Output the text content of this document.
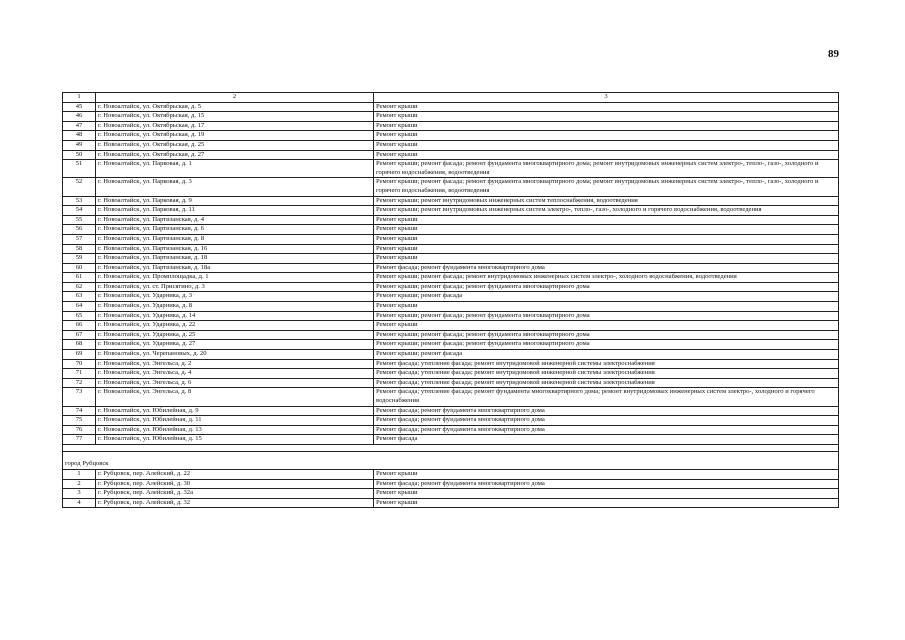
89
1	2	3
45	г. Новоалтайск, ул. Октябрьская, д. 5	Ремонт крыши
46	г. Новоалтайск, ул. Октябрьская, д. 15	Ремонт крыши
47	г. Новоалтайск, ул. Октябрьская, д. 17	Ремонт крыши
48	г. Новоалтайск, ул. Октябрьская, д. 19	Ремонт крыши
49	г. Новоалтайск, ул. Октябрьская, д. 25	Ремонт крыши
50	г. Новоалтайск, ул. Октябрьская, д. 27	Ремонт крыши
51	г. Новоалтайск, ул. Парковая, д. 1	Ремонт крыши; ремонт фасада; ремонт фундамента многоквартирного дома; ремонт внутридомовых инженерных систем электро-, тепло-, газо-, холодного и горячего водоснабжения, водоотведения
52	г. Новоалтайск, ул. Парковая, д. 3	Ремонт крыши; ремонт фасада; ремонт фундамента многоквартирного дома; ремонт внутридомовых инженерных систем электро-, тепло-, газо-, холодного и горячего водоснабжения, водоотведения
53	г. Новоалтайск, ул. Парковая, д. 9	Ремонт крыши; ремонт внутридомовых инженерных систем теплоснабжения, водоотведения
54	г. Новоалтайск, ул. Парковая, д. 11	Ремонт крыши; ремонт внутридомовых инженерных систем электро-, тепло-, газо-, холодного и горячего водоснабжения, водоотведения
55	г. Новоалтайск, ул. Партизанская, д. 4	Ремонт крыши
56	г. Новоалтайск, ул. Партизанская, д. 6	Ремонт крыши
57	г. Новоалтайск, ул. Партизанская, д. 8	Ремонт крыши
58	г. Новоалтайск, ул. Партизанская, д. 16	Ремонт крыши
59	г. Новоалтайск, ул. Партизанская, д. 18	Ремонт крыши
60	г. Новоалтайск, ул. Партизанская, д. 18а	Ремонт фасада; ремонт фундамента многоквартирного дома
61	г. Новоалтайск, ул. Промплощадка, д. 1	Ремонт крыши; ремонт фасада; ремонт внутридомовых инженерных систем электро-, холодного водоснабжения, водоотведения
62	г. Новоалтайск, ул. ст. Присягино, д. 3	Ремонт крыши; ремонт фасада; ремонт фундамента многоквартирного дома
63	г. Новоалтайск, ул. Ударника, д. 3	Ремонт крыши; ремонт фасада
64	г. Новоалтайск, ул. Ударника, д. 8	Ремонт крыши
65	г. Новоалтайск, ул. Ударника, д. 14	Ремонт крыши; ремонт фасада; ремонт фундамента многоквартирного дома
66	г. Новоалтайск, ул. Ударника, д. 22	Ремонт крыши
67	г. Новоалтайск, ул. Ударника, д. 25	Ремонт крыши; ремонт фасада; ремонт фундамента многоквартирного дома
68	г. Новоалтайск, ул. Ударника, д. 27	Ремонт крыши; ремонт фасада; ремонт фундамента многоквартирного дома
69	г. Новоалтайск, ул. Черепановых, д. 20	Ремонт крыши; ремонт фасада
70	г. Новоалтайск, ул. Энгельса, д. 2	Ремонт фасада; утепление фасада; ремонт внутридомовой инженерной системы электроснабжения
71	г. Новоалтайск, ул. Энгельса, д. 4	Ремонт фасада; утепление фасада; ремонт внутридомовой инженерной системы электроснабжения
72	г. Новоалтайск, ул. Энгельса, д. 6	Ремонт фасада; утепление фасада; ремонт внутридомовой инженерной системы электроснабжения
73	г. Новоалтайск, ул. Энгельса, д. 8	Ремонт фасада; утепление фасада; ремонт фундамента многоквартирного дома; ремонт внутридомовых инженерных систем электро-, холодного и горячего водоснабжения
74	г. Новоалтайск, ул. Юбилейная, д. 9	Ремонт фасада; ремонт фундамента многоквартирного дома
75	г. Новоалтайск, ул. Юбилейная, д. 11	Ремонт фасада; ремонт фундамента многоквартирного дома
76	г. Новоалтайск, ул. Юбилейная, д. 13	Ремонт фасада; ремонт фундамента многоквартирного дома
77	г. Новоалтайск, ул. Юбилейная, д. 15	Ремонт фасада

город Рубцовск		
1	г. Рубцовск, пер. Алейский, д. 22	Ремонт крыши
2	г. Рубцовск, пер. Алейский, д. 30	Ремонт фасада; ремонт фундамента многоквартирного дома
3	г. Рубцовск, пер. Алейский, д. 32а	Ремонт крыши
4	г. Рубцовск, пер. Алейский, д. 32	Ремонт крыши
